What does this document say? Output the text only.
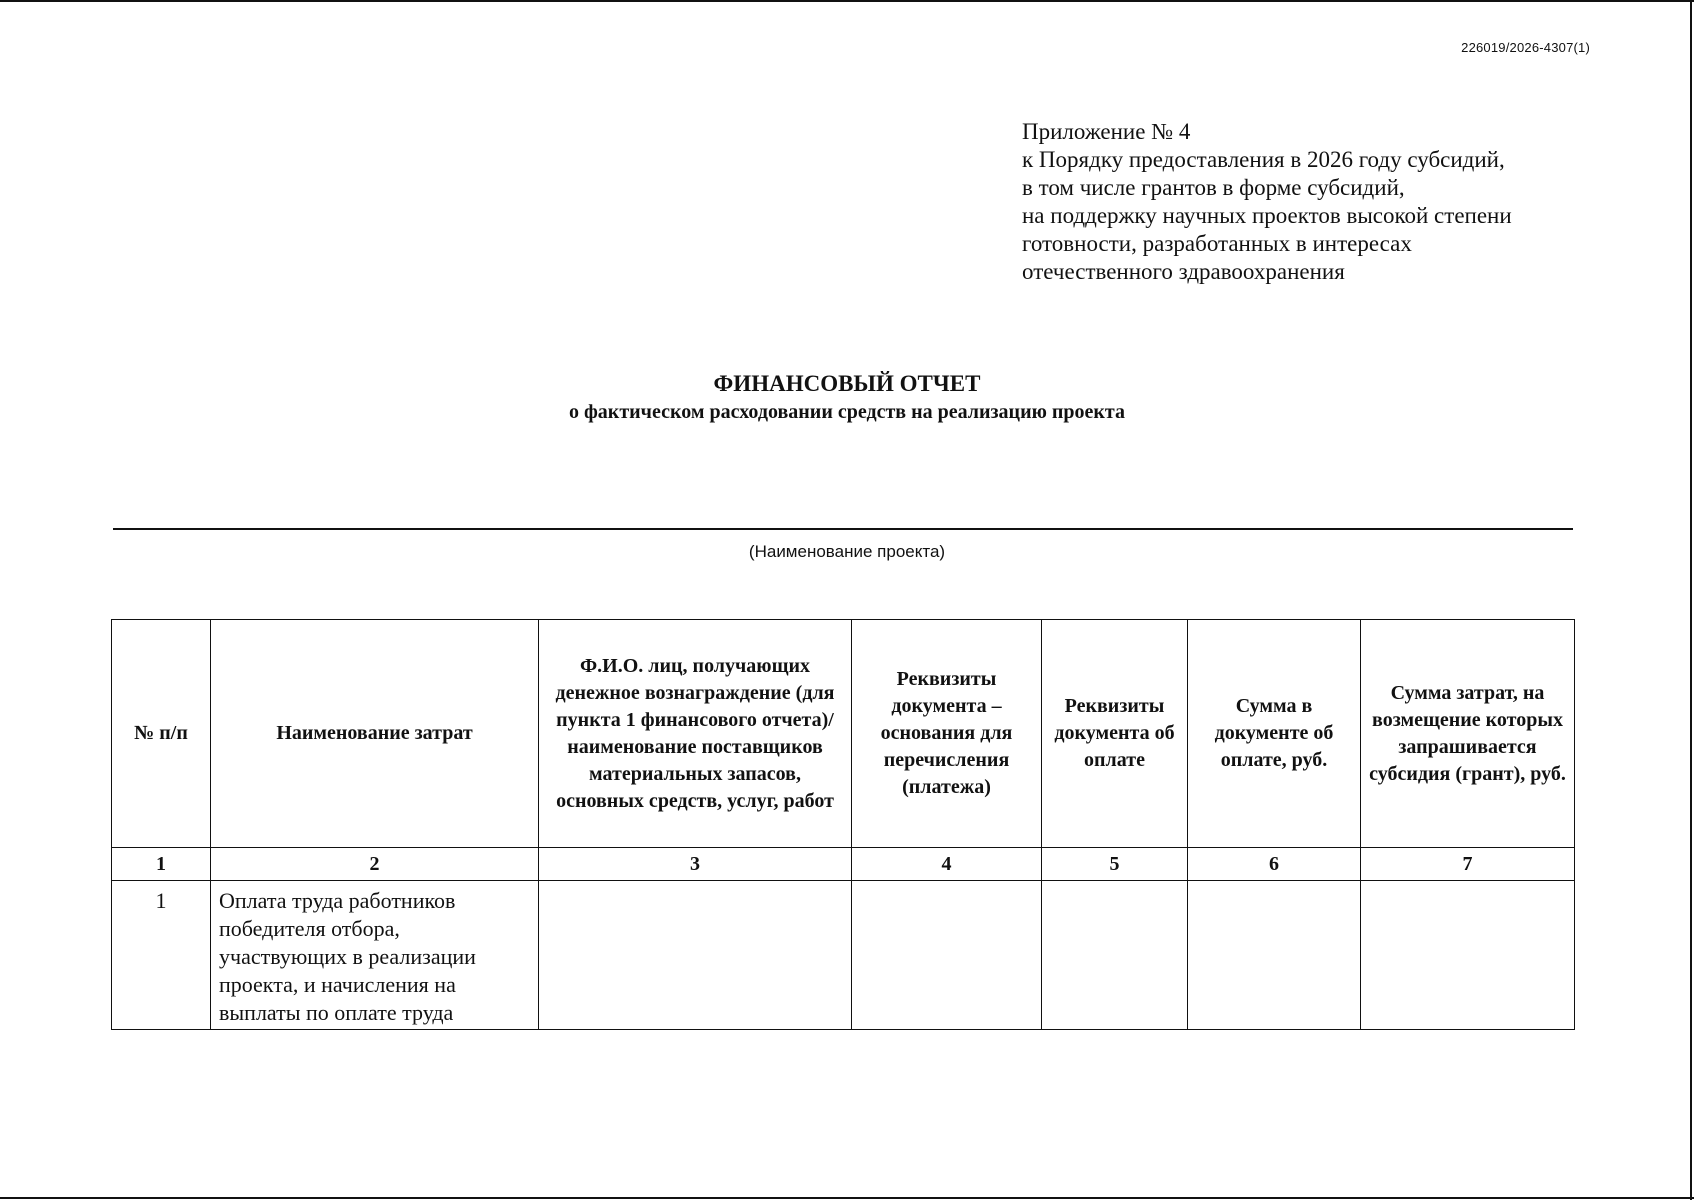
226019/2026-4307(1)
Приложение № 4
к Порядку предоставления в 2026 году субсидий,
в том числе грантов в форме субсидий,
на поддержку научных проектов высокой степени
готовности, разработанных в интересах
отечественного здравоохранения
ФИНАНСОВЫЙ ОТЧЕТ
о фактическом расходовании средств на реализацию проекта
(Наименование проекта)
№ п/п	Наименование затрат	Ф.И.О. лиц, получающих денежное вознаграждение (для пункта 1 финансового отчета)/ наименование поставщиков материальных запасов, основных средств, услуг, работ	Реквизиты документа – основания для перечисления (платежа)	Реквизиты документа об оплате	Сумма в документе об оплате, руб.	Сумма затрат, на возмещение которых запрашивается субсидия (грант), руб.
1	2	3	4	5	6	7
1	Оплата труда работников победителя отбора, участвующих в реализации проекта, и начисления на выплаты по оплате труда					
